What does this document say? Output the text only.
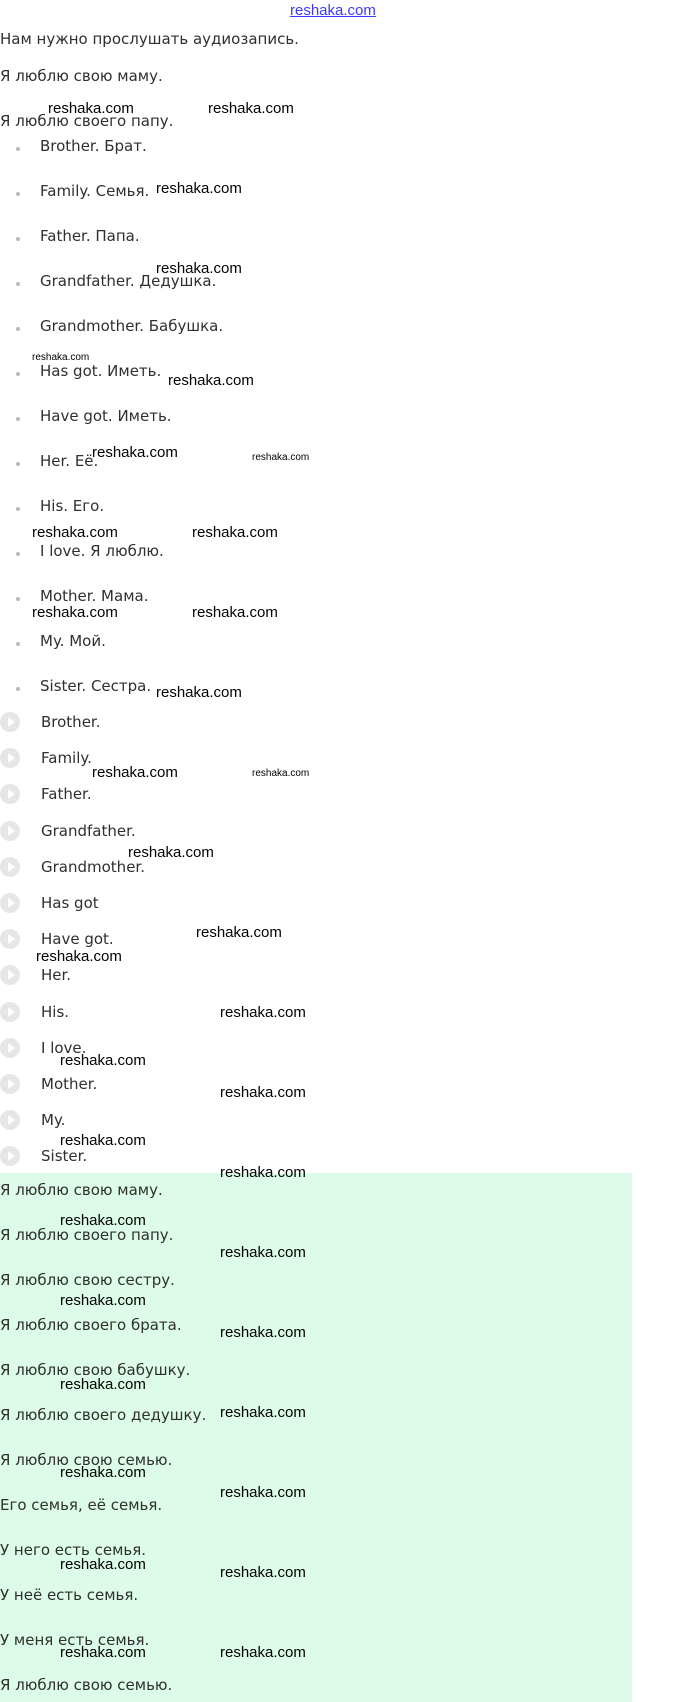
reshaka.com
Нам нужно прослушать аудиозапись.
Я люблю свою маму.
Я люблю своего папу.
Brother. Брат.
Family. Семья.
Father. Папа.
Grandfather. Дедушка.
Grandmother. Бабушка.
Has got. Иметь.
Have got. Иметь.
Her. Её.
His. Его.
I love. Я люблю.
Mother. Мама.
My. Мой.
Sister. Сестра.
Brother.
Family.
Father.
Grandfather.
Grandmother.
Has got
Have got.
Her.
His.
I love.
Mother.
My.
Sister.
Я люблю свою маму.
Я люблю своего папу.
Я люблю свою сестру.
Я люблю своего брата.
Я люблю свою бабушку.
Я люблю своего дедушку.
Я люблю свою семью.
Его семья, её семья.
У него есть семья.
У неё есть семья.
У меня есть семья.
Я люблю свою семью.
reshaka.com	reshaka.com
reshaka.com
reshaka.com
reshaka.com
reshaka.com
reshaka.com	reshaka.com
reshaka.com	reshaka.com
reshaka.com	reshaka.com
reshaka.com
reshaka.com	reshaka.com
reshaka.com
reshaka.com
reshaka.com
reshaka.com
reshaka.com
reshaka.com
reshaka.com
reshaka.com
reshaka.com
reshaka.com
reshaka.com
reshaka.com
reshaka.com
reshaka.com
reshaka.com
reshaka.com
reshaka.com	reshaka.com
reshaka.com	reshaka.com
